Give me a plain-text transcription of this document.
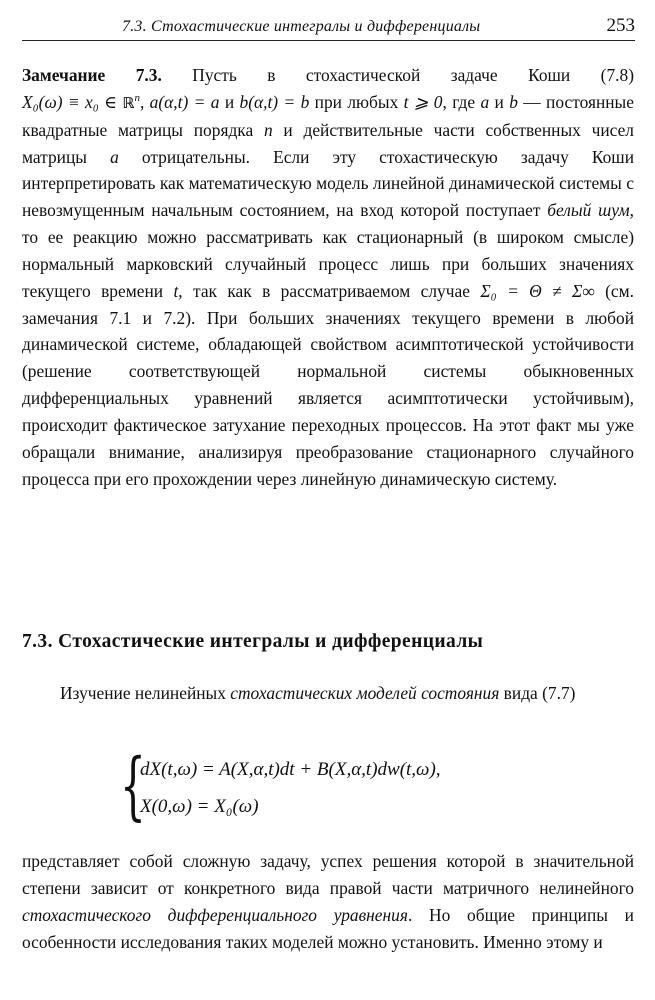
7.3. Стохастические интегралы и дифференциалы	253

Замечание 7.3. Пусть в стохастической задаче Коши (7.8) X₀(ω) ≡ x₀ ∈ ℝ$^n$, a(α,t) = a и b(α,t) = b при любых t ⩾ 0, где a и b — постоянные квадратные матрицы порядка n и действительные части собственных чисел матрицы a отрицательны. Если эту стохастическую задачу Коши интерпретировать как математическую модель линейной динамической системы с невозмущенным начальным состоянием, на вход которой поступает белый шум, то ее реакцию можно рассматривать как стационарный (в широком смысле) нормальный марковский случайный процесс лишь при больших значениях текущего времени t, так как в рассматриваемом случае Σ₀ = Θ ≠ Σ∞ (см. замечания 7.1 и 7.2). При больших значениях текущего времени в любой динамической системе, обладающей свойством асимптотической устойчивости (решение соответствующей нормальной системы обыкновенных дифференциальных уравнений является асимптотически устойчивым), происходит фактическое затухание переходных процессов. На этот факт мы уже обращали внимание, анализируя преобразование стационарного случайного процесса при его прохождении через линейную динамическую систему.

7.3. Стохастические интегралы и дифференциалы

Изучение нелинейных стохастических моделей состояния вида (7.7)

{
dX(t,ω) = A(X,α,t)dt + B(X,α,t)dw(t,ω),
X(0,ω) = X₀(ω)

представляет собой сложную задачу, успех решения которой в значительной степени зависит от конкретного вида правой части матричного нелинейного стохастического дифференциального уравнения. Но общие принципы и особенности исследования таких моделей можно установить. Именно этому и
